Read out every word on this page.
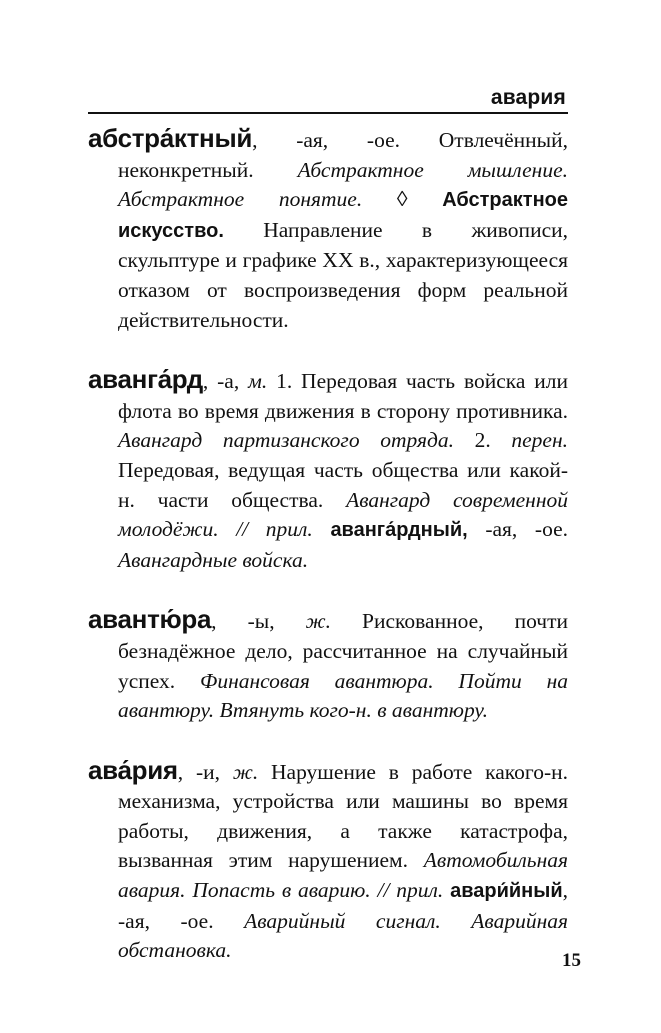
авария

абстра́ктный, -ая, -ое. Отвлечённый, неконкретный. Абстрактное мышление. Абстрактное понятие. ◊ Абстрактное искусство. Направление в живописи, скульптуре и графике XX в., характеризующееся отказом от воспроизведения форм реальной действительности.

аванга́рд, -а, м. 1. Передовая часть войска или флота во время движения в сторону противника. Авангард партизанского отряда. 2. перен. Передовая, ведущая часть общества или какой-н. части общества. Авангард современной молодёжи. // прил. аванга́рдный, -ая, -ое. Авангардные войска.

авантю́ра, -ы, ж. Рискованное, почти безнадёжное дело, рассчитанное на случайный успех. Финансовая авантюра. Пойти на авантюру. Втянуть кого-н. в авантюру.

ава́рия, -и, ж. Нарушение в работе какого-н. механизма, устройства или машины во время работы, движения, а также катастрофа, вызванная этим нарушением. Автомобильная авария. Попасть в аварию. // прил. авари́йный, -ая, -ое. Аварийный сигнал. Аварийная обстановка.	15
